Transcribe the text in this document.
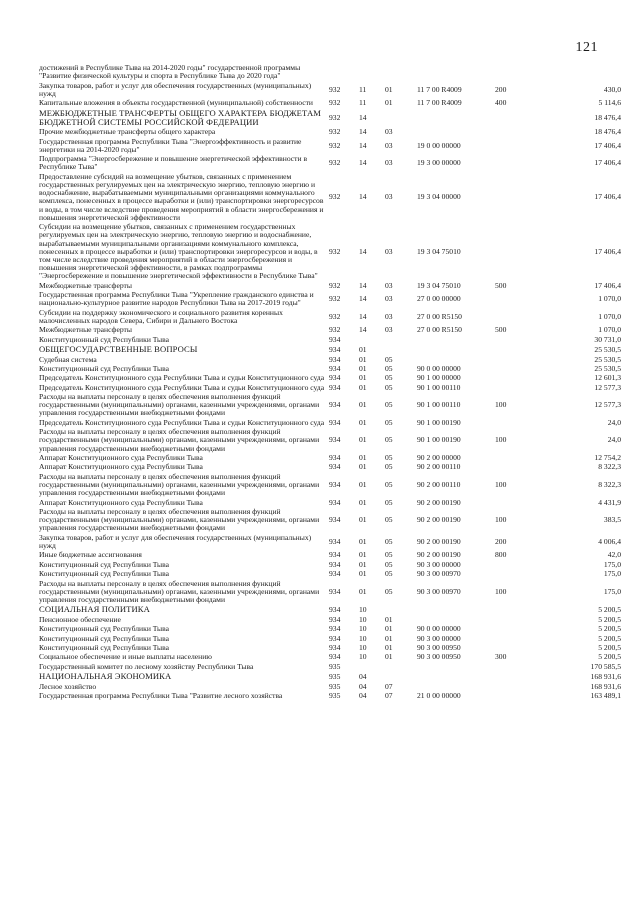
121
достижений в Республике Тыва на 2014-2020 годы" государственной программы "Развитие физической культуры и спорта в Республике Тыва до 2020 года"						
Закупка товаров, работ и услуг для обеспечения государственных (муниципальных) нужд	932	11	01	11 7 00 R4009	200	430,0
Капитальные вложения в объекты государственной (муниципальной) собственности	932	11	01	11 7 00 R4009	400	5 114,6
МЕЖБЮДЖЕТНЫЕ ТРАНСФЕРТЫ ОБЩЕГО ХАРАКТЕРА БЮДЖЕТАМ БЮДЖЕТНОЙ СИСТЕМЫ РОССИЙСКОЙ ФЕДЕРАЦИИ	932	14				18 476,4
Прочие межбюджетные трансферты общего характера	932	14	03			18 476,4
Государственная программа Республики Тыва "Энергоэффективность и развитие энергетики на 2014-2020 годы"	932	14	03	19 0 00 00000		17 406,4
Подпрограмма "Энергосбережение и повышение энергетической эффективности в Республике Тыва"	932	14	03	19 3 00 00000		17 406,4
Предоставление субсидий на возмещение убытков, связанных с применением государственных регулируемых цен на электрическую энергию, тепловую энергию и водоснабжение, вырабатываемыми муниципальными организациями коммунального комплекса, понесенных в процессе выработки и (или) транспортировки энергоресурсов и воды, в том числе вследствие проведения мероприятий в области энергосбережения и повышения энергетической эффективности	932	14	03	19 3 04 00000		17 406,4
Субсидии на возмещение убытков, связанных с применением государственных регулируемых цен на электрическую энергию, тепловую энергию и водоснабжение, вырабатываемыми муниципальными организациями коммунального комплекса, понесенных в процессе выработки и (или) транспортировки энергоресурсов и воды, в том числе вследствие проведения мероприятий в области энергосбережения и повышения энергетической эффективности, в рамках подпрограммы "Энергосбережение и повышение энергетической эффективности в Республике Тыва"	932	14	03	19 3 04 75010		17 406,4
Межбюджетные трансферты	932	14	03	19 3 04 75010	500	17 406,4
Государственная программа Республики Тыва "Укрепление гражданского единства и национально-культурное развитие народов Республики Тыва на 2017-2019 годы"	932	14	03	27 0 00 00000		1 070,0
Субсидии на поддержку экономического и социального развития коренных малочисленных народов Севера, Сибири и Дальнего Востока	932	14	03	27 0 00 R5150		1 070,0
Межбюджетные трансферты	932	14	03	27 0 00 R5150	500	1 070,0
Конституционный суд Республики Тыва	934					30 731,0
ОБЩЕГОСУДАРСТВЕННЫЕ ВОПРОСЫ	934	01				25 530,5
Судебная система	934	01	05			25 530,5
Конституционный суд Республики Тыва	934	01	05	90 0 00 00000		25 530,5
Председатель Конституционного суда Республики Тыва и судьи Конституционного суда	934	01	05	90 1 00 00000		12 601,3
Председатель Конституционного суда Республики Тыва и судьи Конституционного суда	934	01	05	90 1 00 00110		12 577,3
Расходы на выплаты персоналу в целях обеспечения выполнения функций государственными (муниципальными) органами, казенными учреждениями, органами управления государственными внебюджетными фондами	934	01	05	90 1 00 00110	100	12 577,3
Председатель Конституционного суда Республики Тыва и судьи Конституционного суда	934	01	05	90 1 00 00190		24,0
Расходы на выплаты персоналу в целях обеспечения выполнения функций государственными (муниципальными) органами, казенными учреждениями, органами управления государственными внебюджетными фондами	934	01	05	90 1 00 00190	100	24,0
Аппарат Конституционного суда Республики Тыва	934	01	05	90 2 00 00000		12 754,2
Аппарат Конституционного суда Республики Тыва	934	01	05	90 2 00 00110		8 322,3
Расходы на выплаты персоналу в целях обеспечения выполнения функций государственными (муниципальными) органами, казенными учреждениями, органами управления государственными внебюджетными фондами	934	01	05	90 2 00 00110	100	8 322,3
Аппарат Конституционного суда Республики Тыва	934	01	05	90 2 00 00190		4 431,9
Расходы на выплаты персоналу в целях обеспечения выполнения функций государственными (муниципальными) органами, казенными учреждениями, органами управления государственными внебюджетными фондами	934	01	05	90 2 00 00190	100	383,5
Закупка товаров, работ и услуг для обеспечения государственных (муниципальных) нужд	934	01	05	90 2 00 00190	200	4 006,4
Иные бюджетные ассигнования	934	01	05	90 2 00 00190	800	42,0
Конституционный суд Республики Тыва	934	01	05	90 3 00 00000		175,0
Конституционный суд Республики Тыва	934	01	05	90 3 00 00970		175,0
Расходы на выплаты персоналу в целях обеспечения выполнения функций государственными (муниципальными) органами, казенными учреждениями, органами управления государственными внебюджетными фондами	934	01	05	90 3 00 00970	100	175,0
СОЦИАЛЬНАЯ ПОЛИТИКА	934	10				5 200,5
Пенсионное обеспечение	934	10	01			5 200,5
Конституционный суд Республики Тыва	934	10	01	90 0 00 00000		5 200,5
Конституционный суд Республики Тыва	934	10	01	90 3 00 00000		5 200,5
Конституционный суд Республики Тыва	934	10	01	90 3 00 00950		5 200,5
Социальное обеспечение и иные выплаты населению	934	10	01	90 3 00 00950	300	5 200,5
Государственный комитет по лесному хозяйству Республики Тыва	935					170 585,5
НАЦИОНАЛЬНАЯ ЭКОНОМИКА	935	04				168 931,6
Лесное хозяйство	935	04	07			168 931,6
Государственная программа Республики Тыва "Развитие лесного хозяйства	935	04	07	21 0 00 00000		163 489,1
